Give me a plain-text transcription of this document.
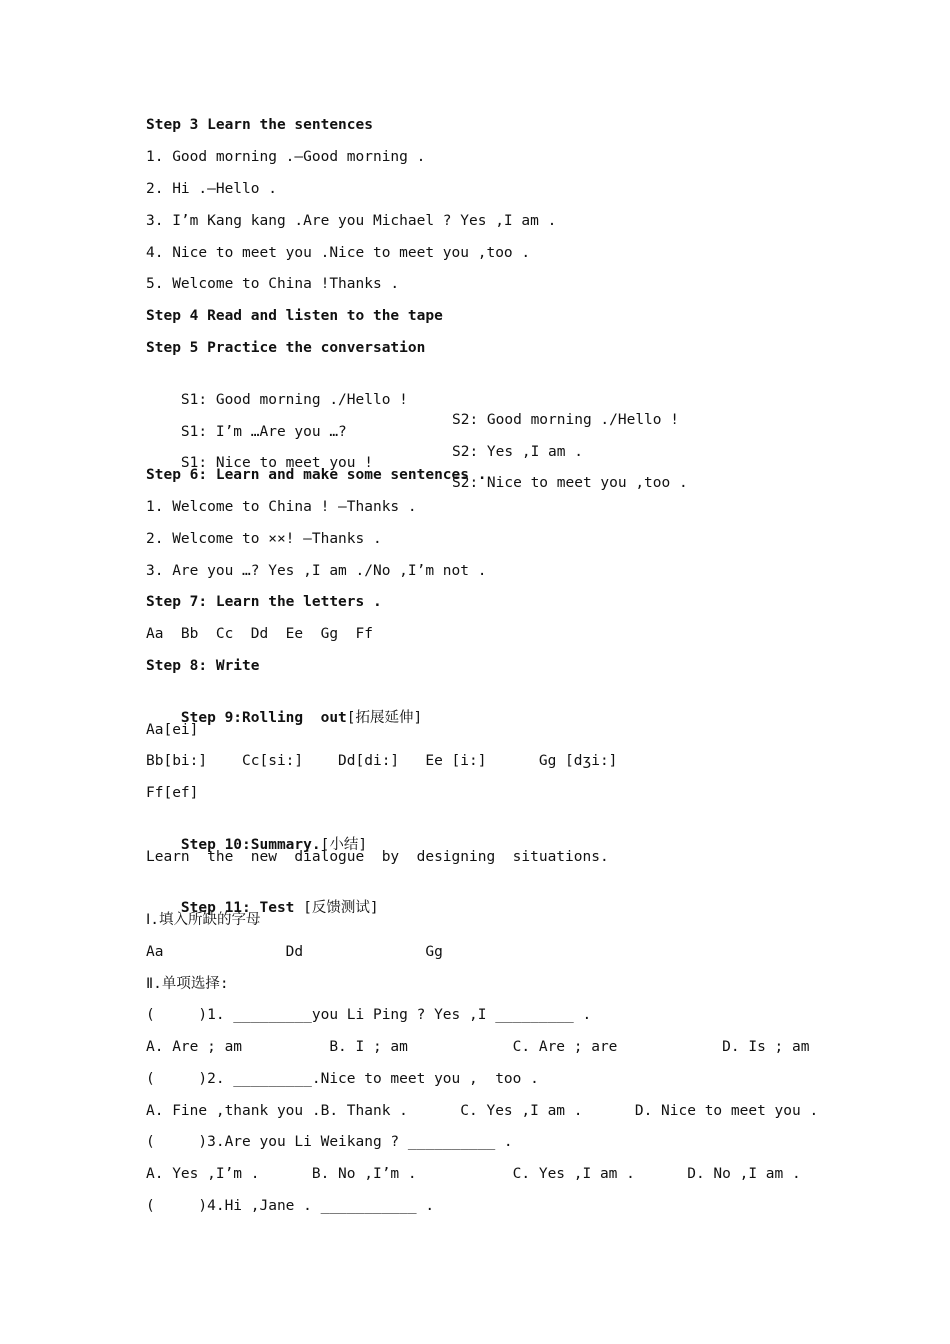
Step 3 Learn the sentences
1. Good morning .—Good morning .
2. Hi .—Hello .
3. I’m Kang kang .Are you Michael ? Yes ,I am .
4. Nice to meet you .Nice to meet you ,too .
5. Welcome to China !Thanks .
Step 4 Read and listen to the tape
Step 5 Practice the conversation

S1: Good morning ./Hello !

S2: Good morning ./Hello !

S1: I’m …Are you …?

S2: Yes ,I am .

S1: Nice to meet you !

S2: Nice to meet you ,too .

Step 6: Learn and make some sentences .
1. Welcome to China ! —Thanks .
2. Welcome to ××! —Thanks .
3. Are you …? Yes ,I am ./No ,I’m not .
Step 7: Learn the letters .
Aa  Bb  Cc  Dd  Ee  Gg  Ff
Step 8: Write

Step 9:Rolling  out[拓展延伸]

Aa[ei]
Bb[bi:]    Cc[si:]    Dd[di:]   Ee [i:]      Gg [dʒi:]
Ff[ef]

Step 10:Summary.[小结]

Learn  the  new  dialogue  by  designing  situations.

Step 11: Test [反馈测试]

Ⅰ.填入所缺的字母
Aa              Dd              Gg
Ⅱ.单项选择:
(     )1. _________you Li Ping ? Yes ,I _________ .
A. Are ; am          B. I ; am            C. Are ; are            D. Is ; am
(     )2. _________.Nice to meet you ,  too .
A. Fine ,thank you .B. Thank .      C. Yes ,I am .      D. Nice to meet you .
(     )3.Are you Li Weikang ? __________ .
A. Yes ,I’m .      B. No ,I’m .           C. Yes ,I am .      D. No ,I am .
(     )4.Hi ,Jane . ___________ .
